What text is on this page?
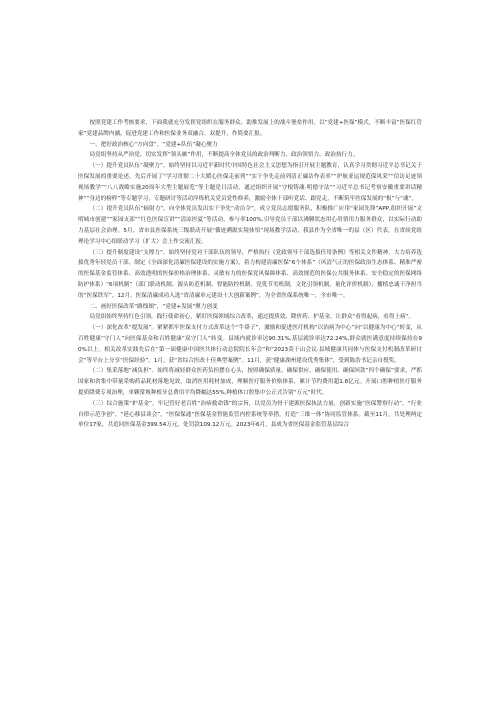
按照党建工作考核要求，下面我就充分发挥党组织在服务群众、助推发展上的战斗堡垒作用，以“党建+医保”模式，不断丰富“医保红管家”党建品牌内涵，促进党建工作和医保业务双融合、双提升，作简要汇报。

一、把好政治核心“方向盘”，“党建+队伍”凝心聚力

局党组坚持从严治党，切实发挥“领头雁”作用，不断提高全体党员的政治判断力、政治领悟力、政治执行力。

（一）提升党员队伍“凝聚力”。始终坚持以习近平新时代中国特色社会主义思想为指引开展主题教育，认真学习贯彻习近平总书记关于医保发展的重要论述，先后开展了“学习贯彻二十大暖心医保走前列”“实干争先走前列清正廉洁作表率”“护航亚运规范保风采”“信访足迹领现场教学”“八八战略实施20周年大型主题展览”等主题党日活动，通过组织开展“守根铸魂·明德守法”“习近平总书记考察安徽重要讲话精神”“身边的榜样”等专题学习，专题研讨等活动淬炼机关党员党性修养，激励全体干部听党话、跟党走，不断筑牢医保发展的“根”与“魂”。

（二）提升党员队伍“辐射力”。向全体党员发出实干争先“动员令”，成立党员志愿服务队，积极推广应用“家园先锋”APP,组织开展“文明城市创建”“家园支部”“红色医保宣讲”“清凉医夏”等活动，参与率100%,引导党员干部以沸腾状态用心用情用力服务群众，以实际行动助力基层社会治理。5月，省市县医保系统三级联动开展“循迹溯源实境体悟”现场教学活动，我县作为全省唯一的县（区）代表，在省间党组理论学习中心组联动学习（扩大）会上作交流汇报。

（三）提升制度建设“支撑力”。始终坚持党对干部队伍的领导，严格执行《党政领导干部选拔任用条例》等相关文件精神，大力培养选拔优秀年轻党员干部。制定《全面深化清廉医保建设的实施方案》，着力构建清廉医保“6个体系”（风清气正的医保政治生态体系、精准严密的医保基金监管体系、高效透明的医保价格治理体系、灵敏有力的医保党风保障体系、高效规范的医保公共服务体系、安全稳定的医保网络防护体系）“6项机制”（部门联动机制、源头防范机制、智能防控机制、党优节劣机制，文化引领机制，量化评价机制），播植忠诚干净担当的“医保铁军”。12月，医保清廉成功入选“省清廉单元建设十大创新案例”，为全省医保系统唯一，全市唯一。

二、画好医保改革“路线图”，“党建+发展”聚力创变

局党组始终坚持红色引领，践行使命初心，紧盯医保领域综合改革，通过提质效、降价药、护基金，让群众“看得起病，看得上病”。

（一）深化改革“提发展”。紧紧抓牢医保支付方式改革这个“牛鼻子”，激励和促进医疗机构“以治病为中心”向“以健康为中心”转变，从百姓健康“守门人”向医保基金和百姓健康“双守门人”转变。县域内就诊率达90.31%,基层就诊率达72.24%,群众就医满意度持续保持在90%以上。相关改革实践先后在“第一届健康中国医共体行动总院院长年会”和“2023莫干山会议·县域健康共同体与医保支付机制改革研讨会”等平台上分享“医保经验”。1月，获“省综合医改十佳典型案例”。11月，获“健康湖州建设优秀集体”，受到陈浩书记亲自授奖。

（二）集采落地“减负担”。始终将减轻群众医药负担摆在心头，按照确保质量、确保供应、确保使用、确保回款“四个确保”要求，严抓国家和省集中带量采购药品耗材落地见效，取消医用耗材加成，理顺医疗服务价格体系，累计节约费用超1.8亿元。开展口腔种植医疗服务提质降费专项治理，单颗常规种植牙总费用平均降幅达55%,种植体口腔集中公正式告别“万元”时代。

（三）综合施策“护基金”。牢记管好老百姓“治病救命钱”的宗旨，以党员为骨干建源医保执法力量，创新实施“医保警察行动”，“行业自律示范争创”，“延心移县谈会”，“医保保通”医保基金智能监管内控系统等举措，打造“三维一体”协同监管体系。截至11月，共处理两定单位17家，共追回医保基金399.54万元，处罚款109.12万元。2023年6月，县成为省医保基金监管基层综合
